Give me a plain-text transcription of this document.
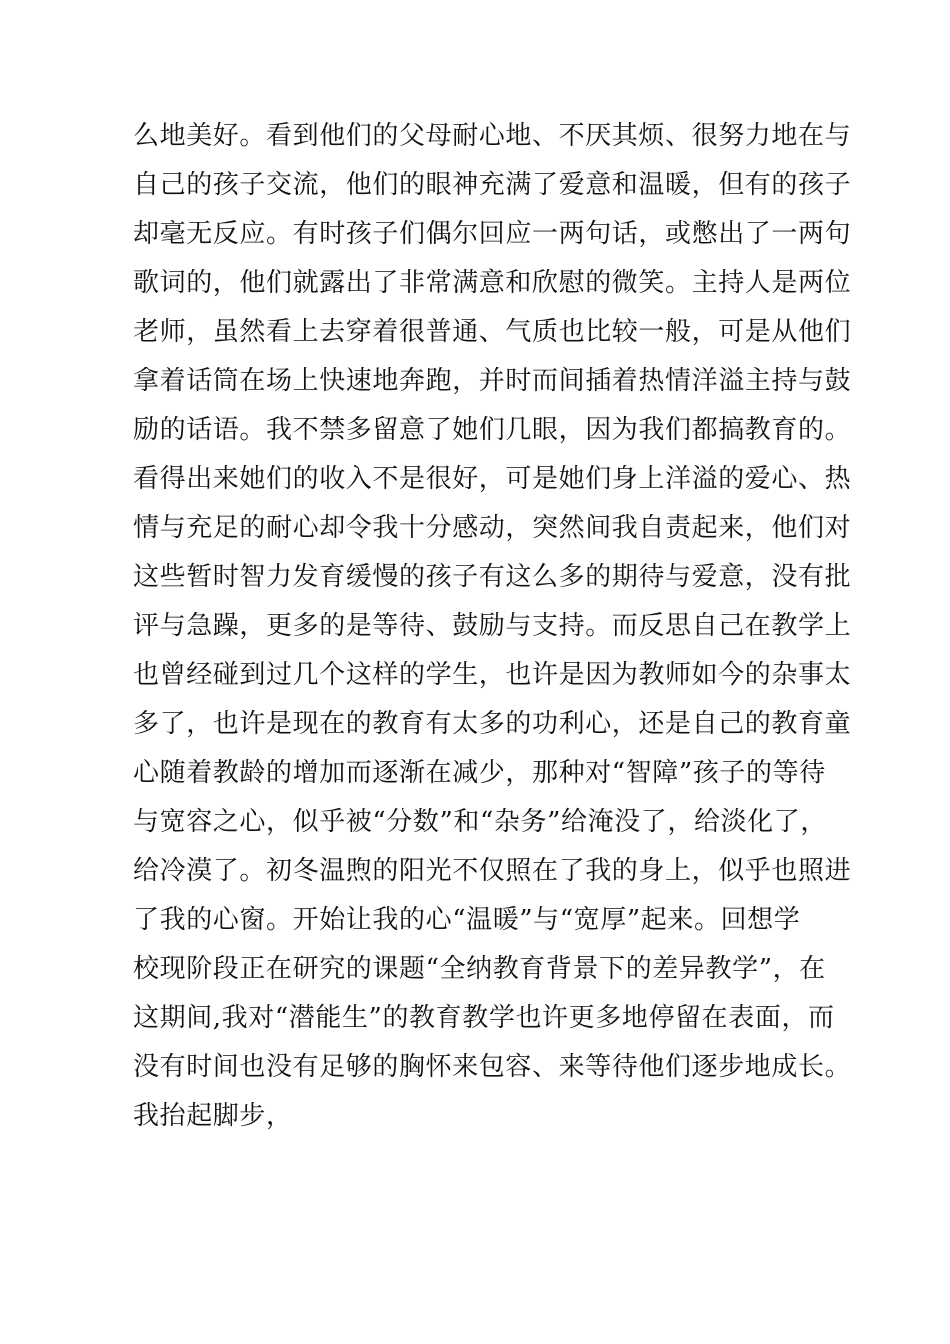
么地美好。看到他们的父母耐心地、不厌其烦、很努力地在与
自己的孩子交流，他们的眼神充满了爱意和温暖，但有的孩子
却毫无反应。有时孩子们偶尔回应一两句话，或憋出了一两句
歌词的，他们就露出了非常满意和欣慰的微笑。主持人是两位
老师，虽然看上去穿着很普通、气质也比较一般，可是从他们
拿着话筒在场上快速地奔跑，并时而间插着热情洋溢主持与鼓
励的话语。我不禁多留意了她们几眼，因为我们都搞教育的。
看得出来她们的收入不是很好，可是她们身上洋溢的爱心、热
情与充足的耐心却令我十分感动，突然间我自责起来，他们对
这些暂时智力发育缓慢的孩子有这么多的期待与爱意，没有批
评与急躁，更多的是等待、鼓励与支持。而反思自己在教学上
也曾经碰到过几个这样的学生，也许是因为教师如今的杂事太
多了，也许是现在的教育有太多的功利心，还是自己的教育童
心随着教龄的增加而逐渐在减少，那种对“智障”孩子的等待
与宽容之心，似乎被“分数”和“杂务”给淹没了，给淡化了，
给冷漠了。初冬温煦的阳光不仅照在了我的身上，似乎也照进
了我的心窗。开始让我的心“温暖”与“宽厚”起来。回想学
校现阶段正在研究的课题“全纳教育背景下的差异教学”，在
这期间,我对“潜能生”的教育教学也许更多地停留在表面，而
没有时间也没有足够的胸怀来包容、来等待他们逐步地成长。
我抬起脚步，
